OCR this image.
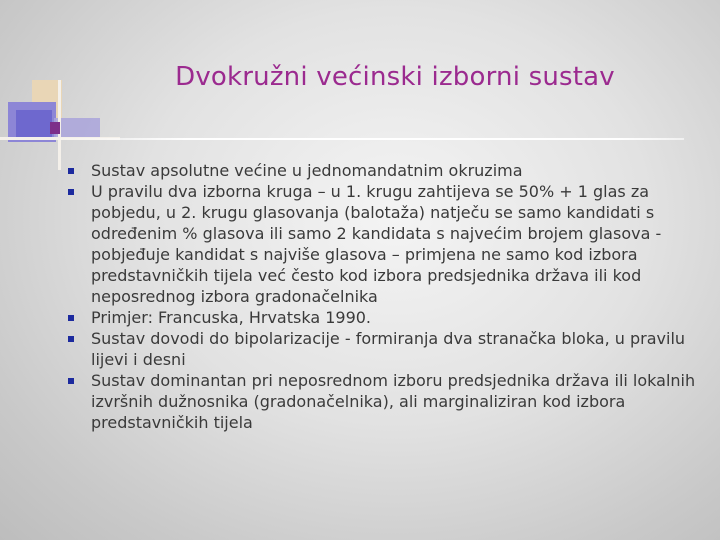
Dvokružni većinski izborni sustav
Sustav apsolutne većine u jednomandatnim okruzima
U pravilu dva izborna kruga – u 1. krugu zahtijeva se 50% + 1 glas za pobjedu, u 2. krugu glasovanja (balotaža) natječu se samo kandidati s određenim % glasova ili samo 2 kandidata s najvećim brojem glasova - pobjeđuje kandidat s najviše glasova – primjena ne samo kod izbora predstavničkih tijela već često kod izbora predsjednika država ili kod neposrednog izbora gradonačelnika
Primjer: Francuska, Hrvatska 1990.
Sustav dovodi do bipolarizacije - formiranja dva stranačka bloka, u pravilu lijevi i desni
Sustav dominantan pri neposrednom izboru predsjednika država ili lokalnih izvršnih dužnosnika (gradonačelnika), ali marginaliziran kod izbora predstavničkih tijela
